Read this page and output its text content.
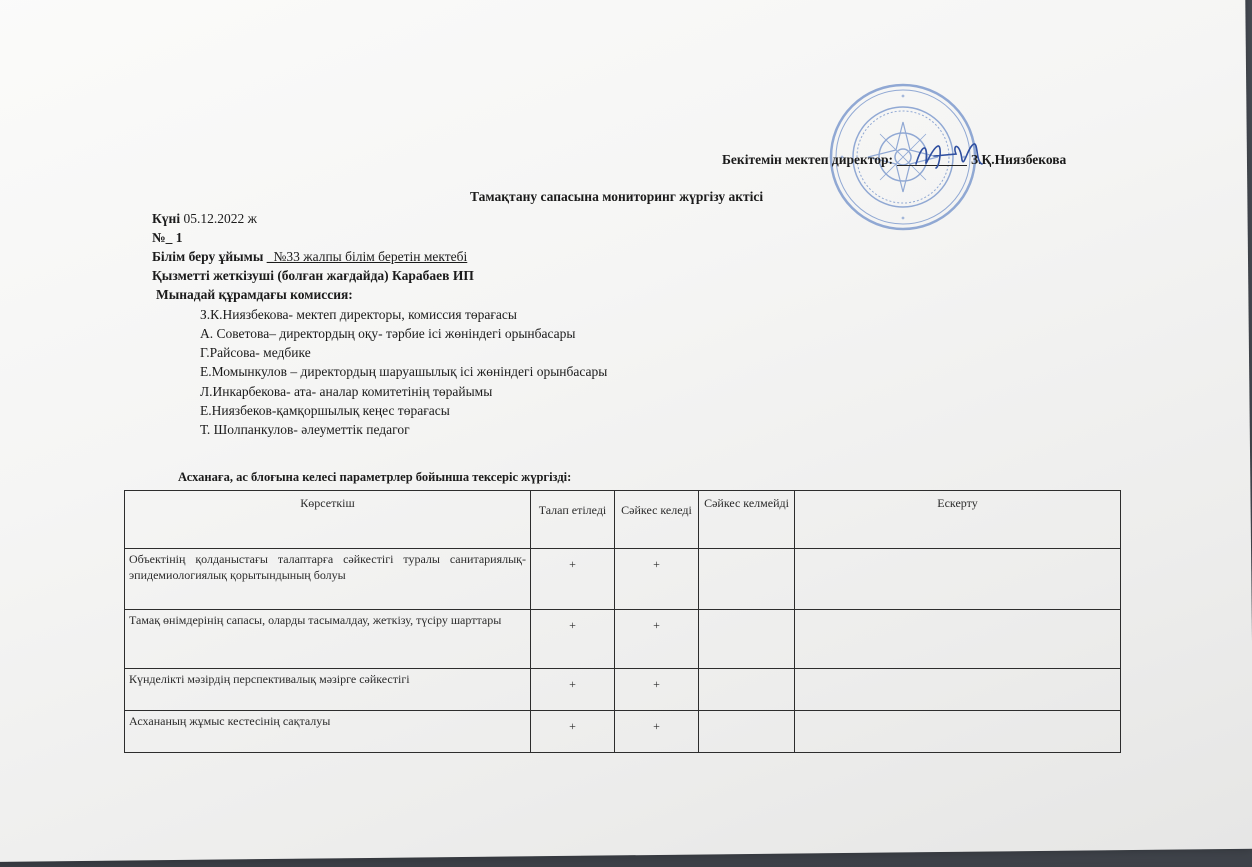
Бекітемін мектеп директор:	З.Қ.Ниязбекова
Тамақтану сапасына мониторинг жүргізу актісі
Күні 05.12.2022 ж
№_ 1
Білім беру ұйымы _№33 жалпы білім беретін мектебі
Қызметті жеткізуші (болған жағдайда) Карабаев ИП
Мынадай құрамдағы комиссия:
З.К.Ниязбекова- мектеп директоры, комиссия төрағасы
А. Советова– директордың оқу- тәрбие ісі жөніндегі орынбасары
Г.Райсова- медбике
Е.Момынкулов – директордың шаруашылық ісі жөніндегі орынбасары
Л.Инкарбекова- ата- аналар комитетінің төрайымы
Е.Ниязбеков-қамқоршылық кеңес төрағасы
Т. Шолпанкулов- әлеуметтік педагог
Асханаға, ас блоғына келесі параметрлер бойынша тексеріс жүргізді:
Көрсеткіш	Талап етіледі	Сәйкес келеді	Сәйкес келмейді	Ескерту
Объектінің қолданыстағы талаптарға сәйкестігі туралы санитариялық-эпидемиологиялық қорытындының болуы	+	+		
Тамақ өнімдерінің сапасы, оларды тасымалдау, жеткізу, түсіру шарттары	+	+		
Күнделікті мәзірдің перспективалық мәзірге сәйкестігі	+	+		
Асхананың жұмыс кестесінің сақталуы	+	+		
